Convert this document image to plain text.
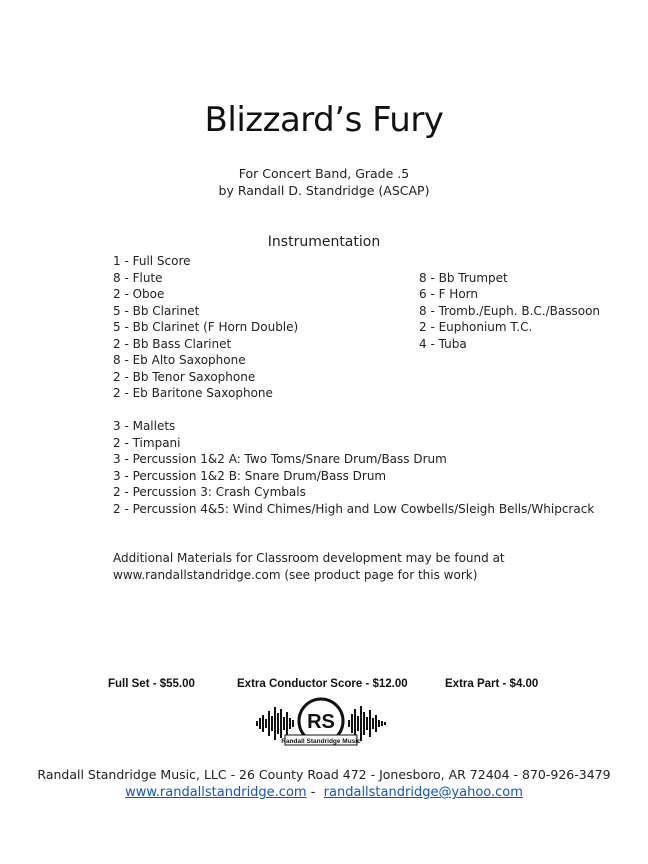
Blizzard’s Fury
For Concert Band, Grade .5
by Randall D. Standridge (ASCAP)
Instrumentation
1 - Full Score
8 - Flute
2 - Oboe
5 - Bb Clarinet
5 - Bb Clarinet (F Horn Double)
2 - Bb Bass Clarinet
8 - Eb Alto Saxophone
2 - Bb Tenor Saxophone
2 - Eb Baritone Saxophone
8 - Bb Trumpet
6 - F Horn
8 - Tromb./Euph. B.C./Bassoon
2 - Euphonium T.C.
4 - Tuba
3 - Mallets
2 - Timpani
3 - Percussion 1&2 A: Two Toms/Snare Drum/Bass Drum
3 - Percussion 1&2 B: Snare Drum/Bass Drum
2 - Percussion 3: Crash Cymbals
2 - Percussion 4&5: Wind Chimes/High and Low Cowbells/Sleigh Bells/Whipcrack
Additional Materials for Classroom development may be found at
www.randallstandridge.com (see product page for this work)
Full Set - $55.00	Extra Conductor Score - $12.00	Extra Part - $4.00
RS
Randall Standridge Music
Randall Standridge Music, LLC - 26 County Road 472 - Jonesboro, AR 72404 - 870-926-3479
www.randallstandridge.com -  randallstandridge@yahoo.com
